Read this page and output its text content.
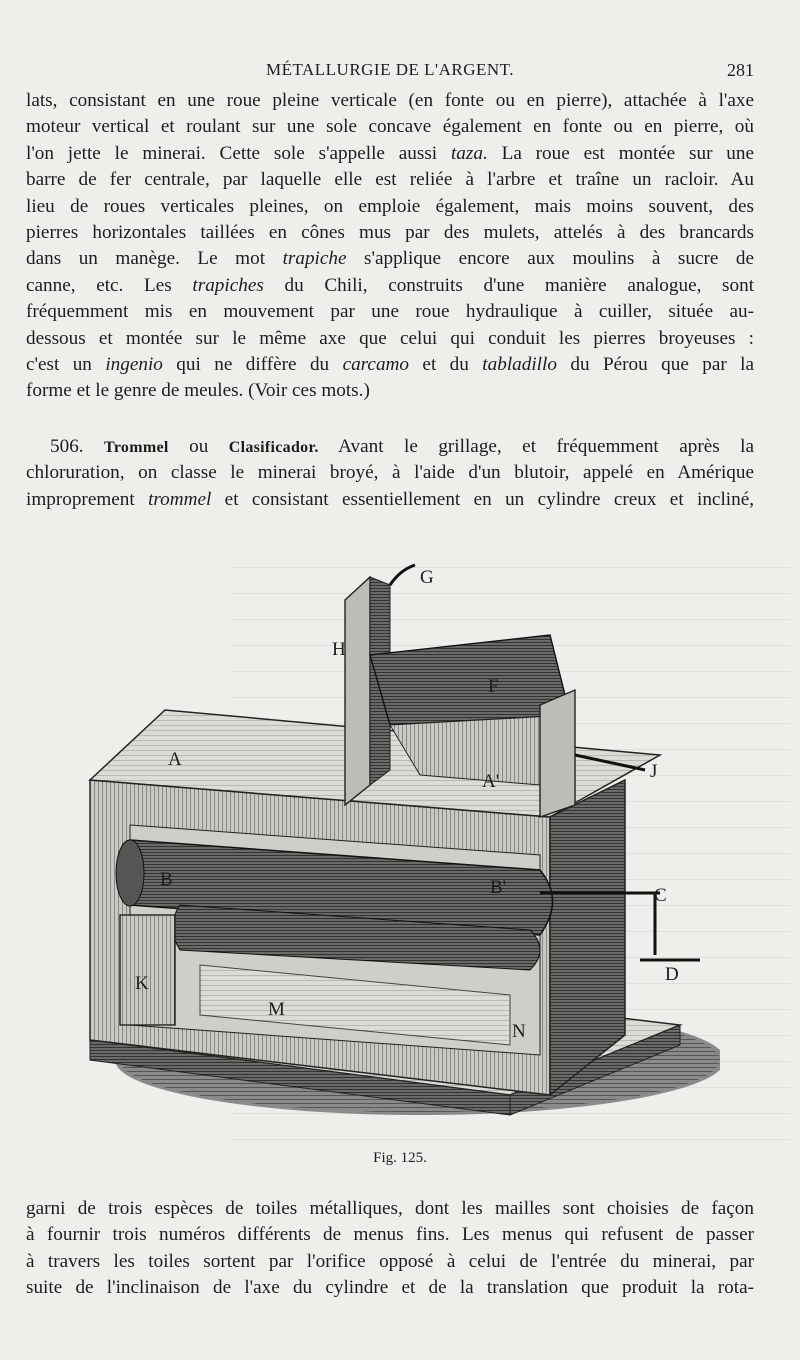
MÉTALLURGIE DE L'ARGENT.	281
lats, consistant en une roue pleine verticale (en fonte ou en pierre), attachée à l'axe
moteur vertical et roulant sur une sole concave également en fonte ou en pierre, où
l'on jette le minerai. Cette sole s'appelle aussi taza. La roue est montée sur une
barre de fer centrale, par laquelle elle est reliée à l'arbre et traîne un racloir. Au
lieu de roues verticales pleines, on emploie également, mais moins souvent, des
pierres horizontales taillées en cônes mus par des mulets, attelés à des brancards
dans un manège. Le mot trapiche s'applique encore aux moulins à sucre de
canne, etc. Les trapiches du Chili, construits d'une manière analogue, sont
fréquemment mis en mouvement par une roue hydraulique à cuiller, située au-
dessous et montée sur le même axe que celui qui conduit les pierres broyeuses :
c'est un ingenio qui ne diffère du carcamo et du tabladillo du Pérou que par la
forme et le genre de meules. (Voir ces mots.)
506. Trommel ou Clasificador. Avant le grillage, et fréquemment après la
chloruration, on classe le minerai broyé, à l'aide d'un blutoir, appelé en Amérique
improprement trommel et consistant essentiellement en un cylindre creux et incliné,
G
H
F
A
A'	J
B	B'	C
D
K
M
N
Fig. 125.
garni de trois espèces de toiles métalliques, dont les mailles sont choisies de façon
à fournir trois numéros différents de menus fins. Les menus qui refusent de passer
à travers les toiles sortent par l'orifice opposé à celui de l'entrée du minerai, par
suite de l'inclinaison de l'axe du cylindre et de la translation que produit la rota-
